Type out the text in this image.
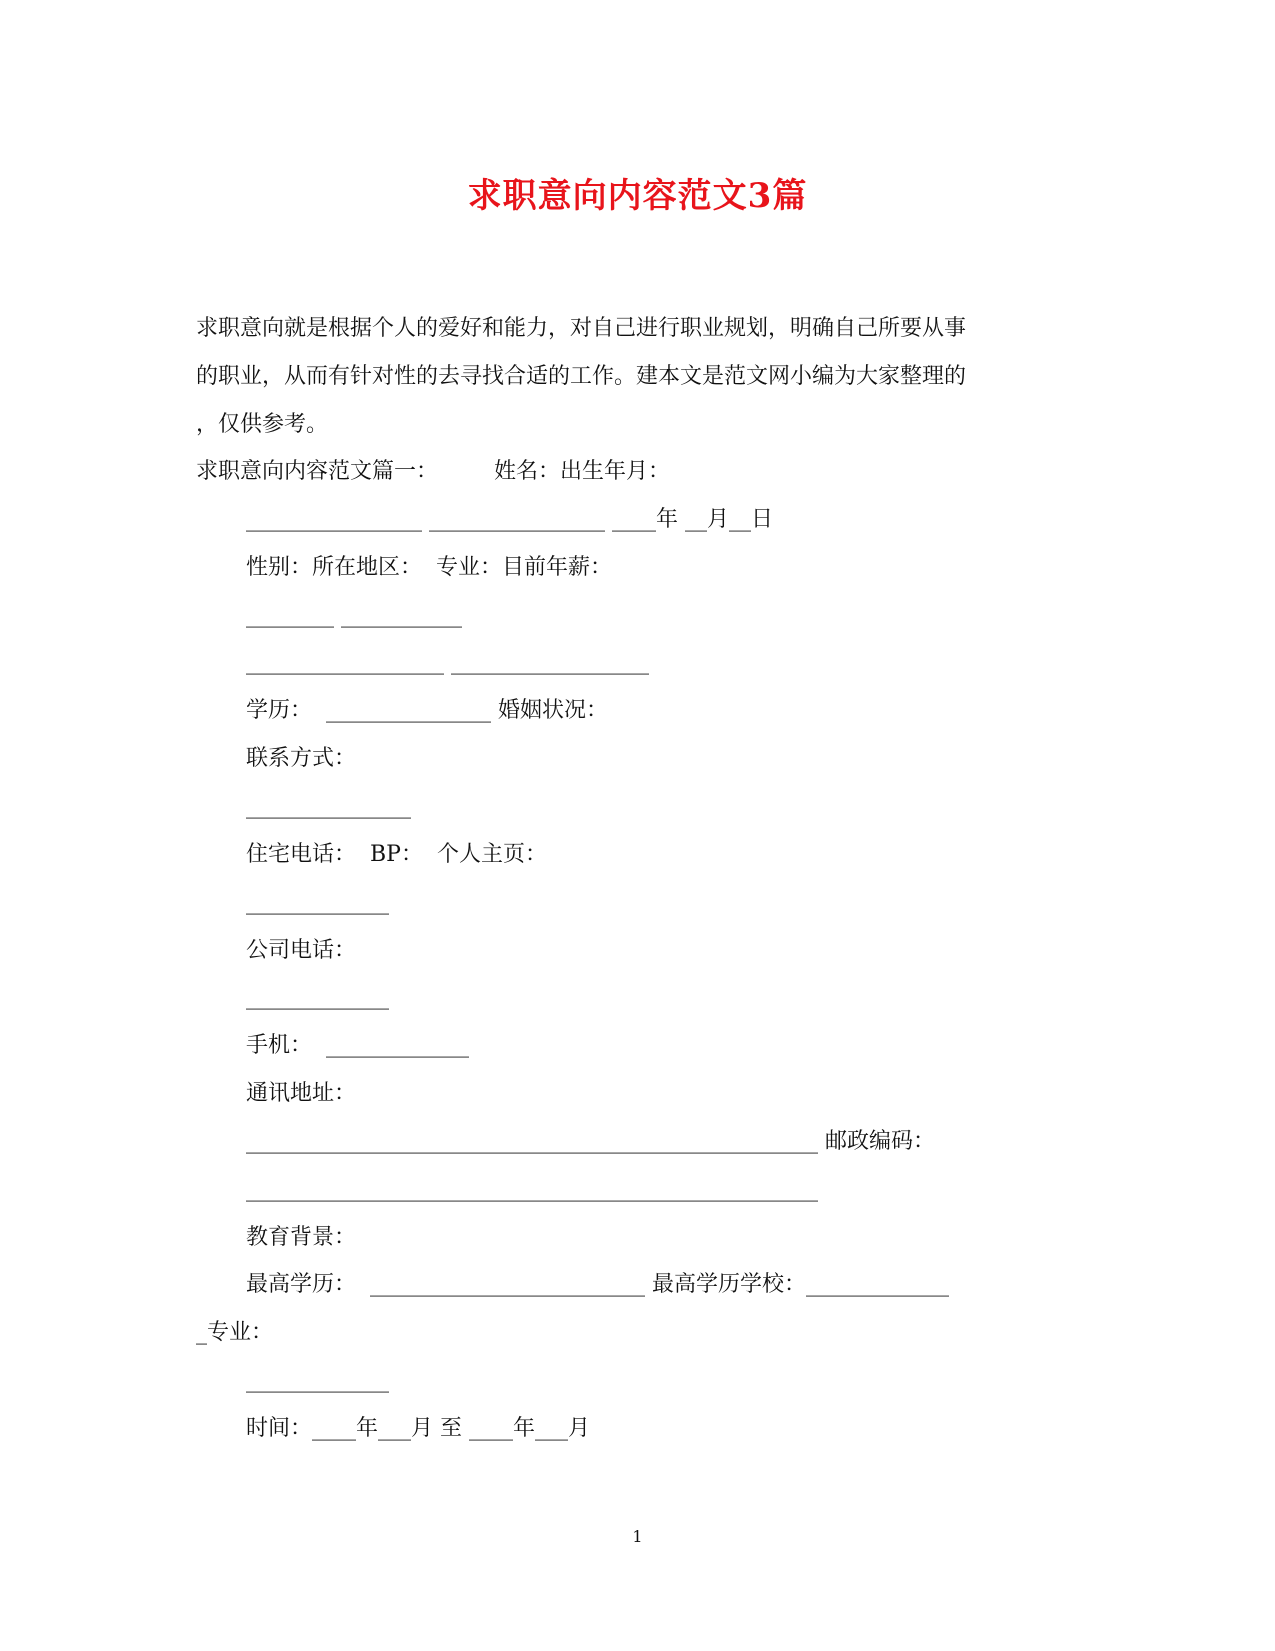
求职意向内容范文3篇
求职意向就是根据个人的爱好和能力，对自己进行职业规划，明确自己所要从事
的职业，从而有针对性的去寻找合适的工作。建本文是范文网小编为大家整理的
，仅供参考。
求职意向内容范文篇一：        姓名：出生年月：
________________ ________________ ____年 __月__日
性别：所在地区：  专业：目前年薪：
________ ___________
__________________ __________________
学历：  _______________ 婚姻状况：
联系方式：
_______________
住宅电话：  BP：  个人主页：
_____________
公司电话：
_____________
手机：  _____________
通讯地址：
____________________________________________________ 邮政编码：
____________________________________________________
教育背景：
最高学历：  _________________________ 最高学历学校：_____________
_专业：
_____________
时间：____年___月 至 ____年___月
1
